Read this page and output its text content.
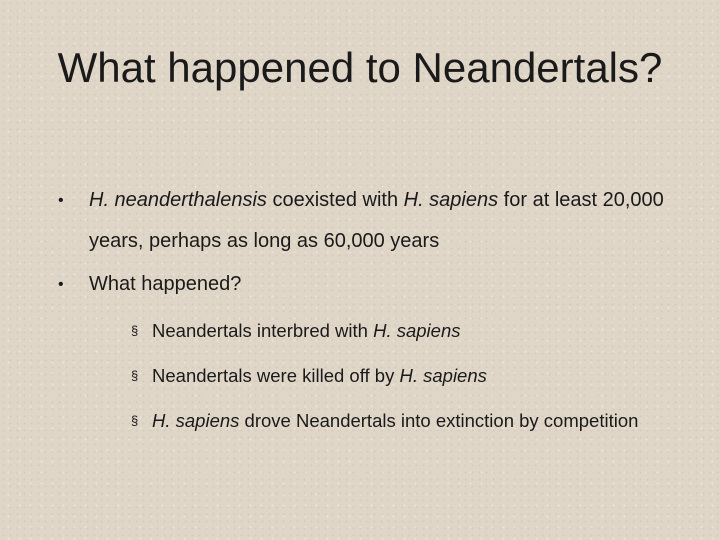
What happened to Neandertals?
• H. neanderthalensis coexisted with H. sapiens for at least 20,000 years, perhaps as long as 60,000 years
• What happened?
§ Neandertals interbred with H. sapiens
§ Neandertals were killed off by H. sapiens
§ H. sapiens drove Neandertals into extinction by competition
